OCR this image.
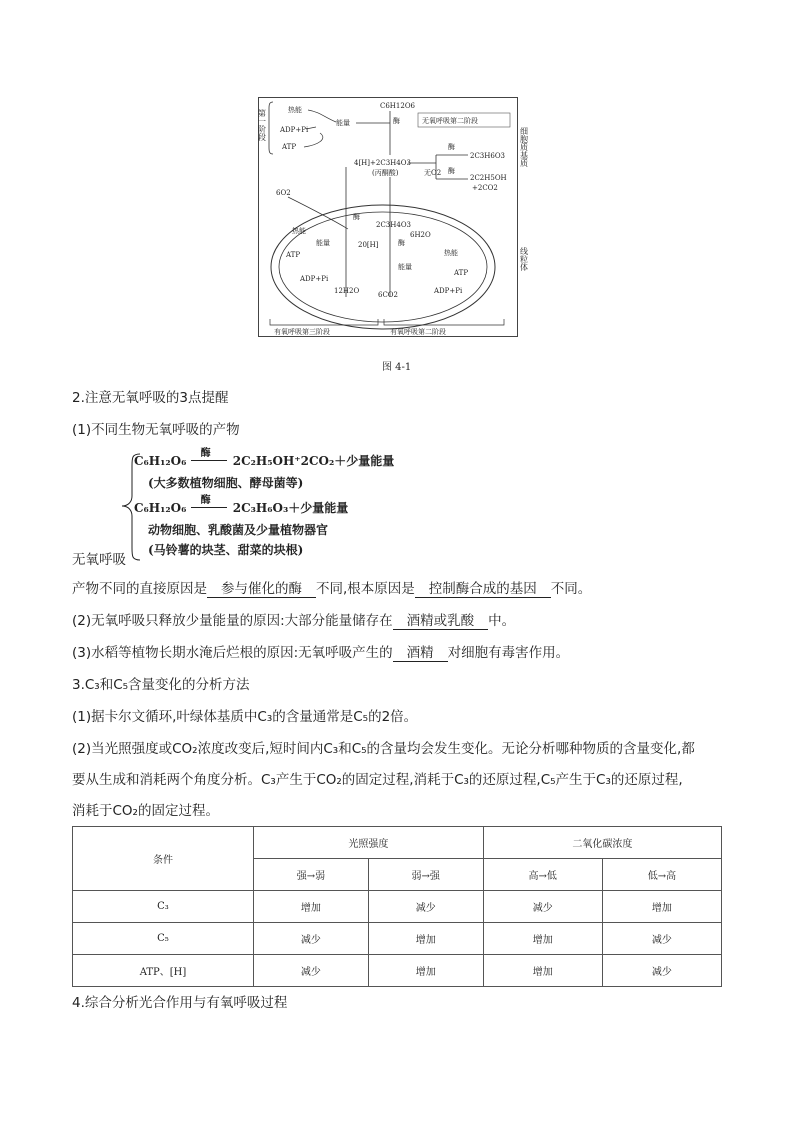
第一阶段	热能
能量
ADP+Pi
ATP
C6H12O6
酶	无氧呼吸第二阶段
4[H]+2C3H4O3
(丙酮酸)
酶
无O2 酶
2C3H6O3
2C2H5OH
+2CO2
细胞质基质
6O2
酶
2C3H4O3
20[H]	酶
6H2O
热能
能量
ATP
ADP+Pi
12H2O	6CO2
能量
热能
ATP
ADP+Pi
线粒体
有氧呼吸第三阶段	有氧呼吸第二阶段
图 4-1
2.注意无氧呼吸的3点提醒
(1)不同生物无氧呼吸的产物
C₆H₁₂O₆
酶
2C₂H₅OH⁺2CO₂＋少量能量
(大多数植物细胞、酵母菌等)
C₆H₁₂O₆
酶
2C₃H₆O₃＋少量能量
动物细胞、乳酸菌及少量植物器官
(马铃薯的块茎、甜菜的块根)
无氧呼吸
产物不同的直接原因是 参与催化的酶 不同,根本原因是 控制酶合成的基因 不同。
(2)无氧呼吸只释放少量能量的原因:大部分能量储存在 酒精或乳酸 中。
(3)水稻等植物长期水淹后烂根的原因:无氧呼吸产生的 酒精 对细胞有毒害作用。
3.C₃和C₅含量变化的分析方法
(1)据卡尔文循环,叶绿体基质中C₃的含量通常是C₅的2倍。
(2)当光照强度或CO₂浓度改变后,短时间内C₃和C₅的含量均会发生变化。无论分析哪种物质的含量变化,都
要从生成和消耗两个角度分析。C₃产生于CO₂的固定过程,消耗于C₃的还原过程,C₅产生于C₃的还原过程,
消耗于CO₂的固定过程。
条件	光照强度		二氧化碳浓度	
	强→弱	弱→强	高→低	低→高
C₃	增加	减少	减少	增加
C₅	减少	增加	增加	减少
ATP、[H]	减少	增加	增加	减少
4.综合分析光合作用与有氧呼吸过程
